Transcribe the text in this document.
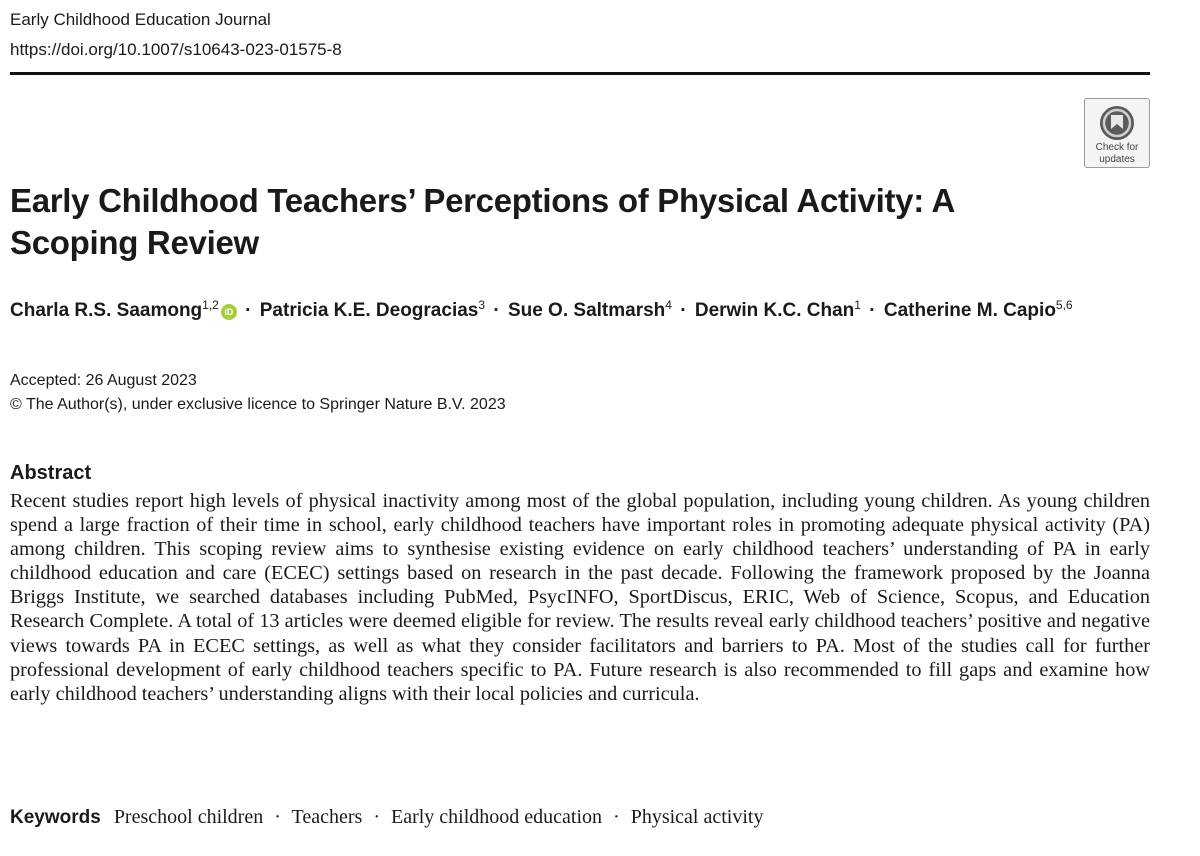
Early Childhood Education Journal
https://doi.org/10.1007/s10643-023-01575-8
Check for
updates
Early Childhood Teachers’ Perceptions of Physical Activity: A Scoping Review
Charla R.S. Saamong$^{1,2}$ iD · Patricia K.E. Deogracias$^3$ · Sue O. Saltmarsh$^4$ · Derwin K.C. Chan$^1$ · Catherine M. Capio$^{5,6}$
Accepted: 26 August 2023
© The Author(s), under exclusive licence to Springer Nature B.V. 2023
Abstract

Recent studies report high levels of physical inactivity among most of the global population, including young children. As young children spend a large fraction of their time in school, early childhood teachers have important roles in promoting adequate physical activity (PA) among children. This scoping review aims to synthesise existing evidence on early childhood teachers’ understanding of PA in early childhood education and care (ECEC) settings based on research in the past decade. Following the framework proposed by the Joanna Briggs Institute, we searched databases including PubMed, PsycINFO, SportDiscus, ERIC, Web of Science, Scopus, and Education Research Complete. A total of 13 articles were deemed eligible for review. The results reveal early childhood teachers’ positive and negative views towards PA in ECEC settings, as well as what they consider facilitators and barriers to PA. Most of the studies call for further professional development of early childhood teachers specific to PA. Future research is also recommended to fill gaps and examine how early childhood teachers’ understanding aligns with their local policies and curricula.

Keywords Preschool children · Teachers · Early childhood education · Physical activity
